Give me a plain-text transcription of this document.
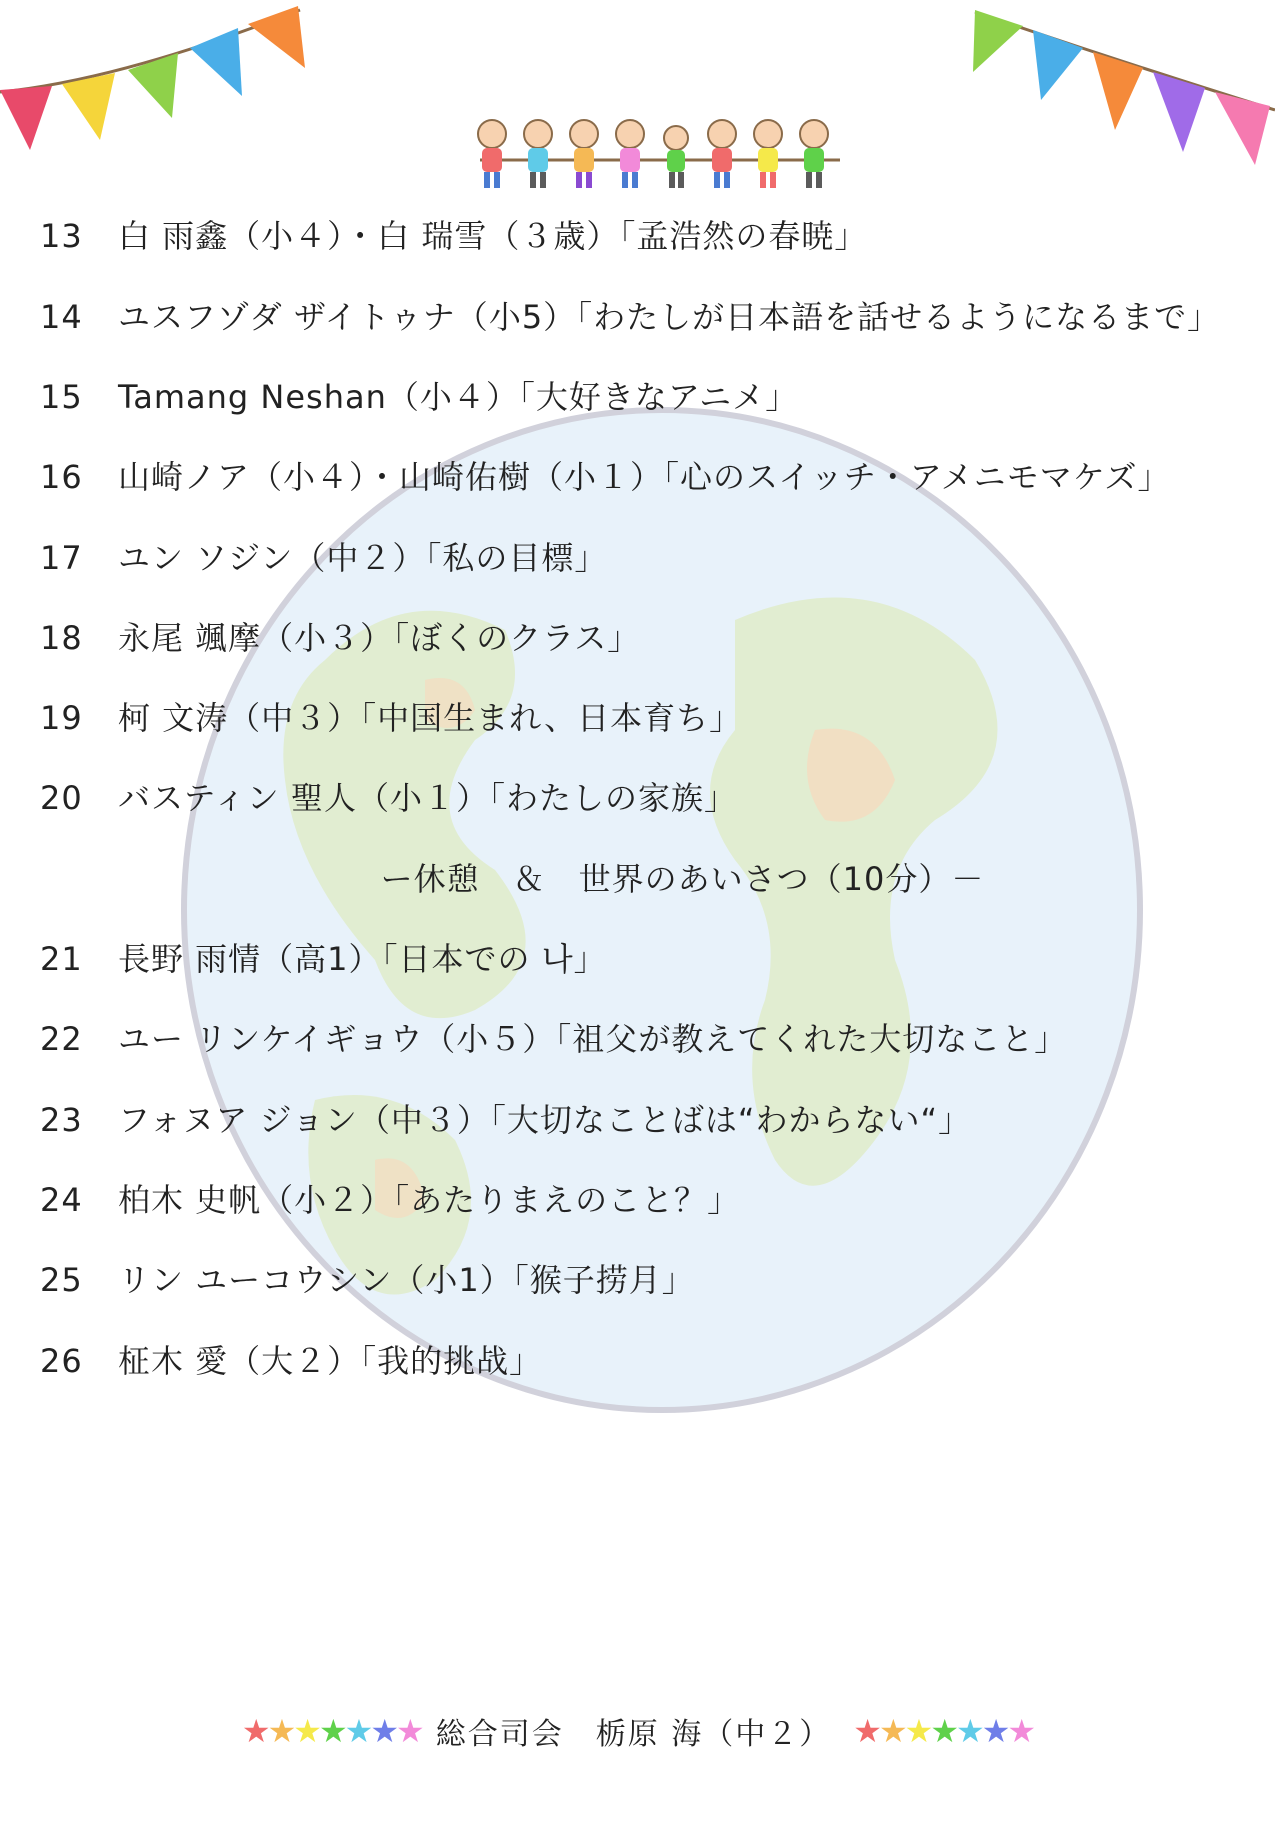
13	白 雨鑫（小４）・白 瑞雪（３歳）「孟浩然の春暁」
14	ユスフゾダ ザイトゥナ（小5）「わたしが日本語を話せるようになるまで」
15	Tamang Neshan（小４）「大好きなアニメ」
16	山崎ノア（小４）・山崎佑樹（小１）「心のスイッチ・アメニモマケズ」
17	ユン ソジン（中２）「私の目標」
18	永尾 颯摩（小３）「ぼくのクラス」
19	柯 文涛（中３）「中国生まれ、日本育ち」
20	バスティン 聖人（小１）「わたしの家族」
ー休憩　＆　世界のあいさつ（10分）－
21	長野 雨情（高1）「日本での 나」
22	ユー リンケイギョウ（小５）「祖父が教えてくれた大切なこと」
23	フォヌア ジョン（中３）「大切なことばは“わからない“」
24	柏木 史帆（小２）「あたりまえのこと？」
25	リン ユーコウシン（小1）「猴子捞月」
26	柾木 愛（大２）「我的挑战」
★ ★ ★ ★ ★ ★ ★ 総合司会　栃原 海（中２） ★ ★ ★ ★ ★ ★ ★
